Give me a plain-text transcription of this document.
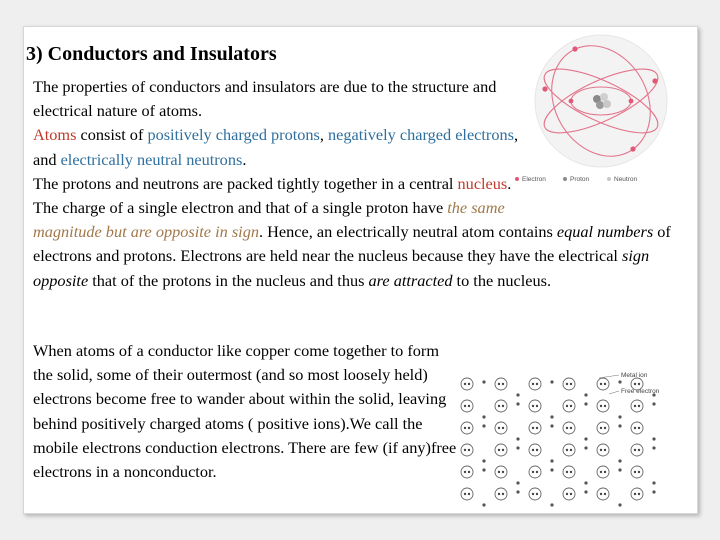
3) Conductors and Insulators
Electron	Proton	Neutron

The properties of conductors and insulators are due to the structure and electrical nature of atoms.
Atoms consist of positively charged protons, negatively charged electrons, and electrically neutral neutrons.
The protons and neutrons are packed tightly together in a central nucleus. The charge of a single electron and that of a single proton have the same magnitude but are opposite in sign. Hence, an electrically neutral atom contains equal numbers of electrons and protons. Electrons are held near the nucleus because they have the electrical sign opposite that of the protons in the nucleus and thus are attracted to the nucleus.

When atoms of a conductor like copper come together to form the solid, some of their outermost (and so most loosely held) electrons become free to wander about within the solid, leaving behind positively charged atoms ( positive ions).We call the mobile electrons conduction electrons. There are few (if any)free electrons in a nonconductor.

Metal ion
Free electron
